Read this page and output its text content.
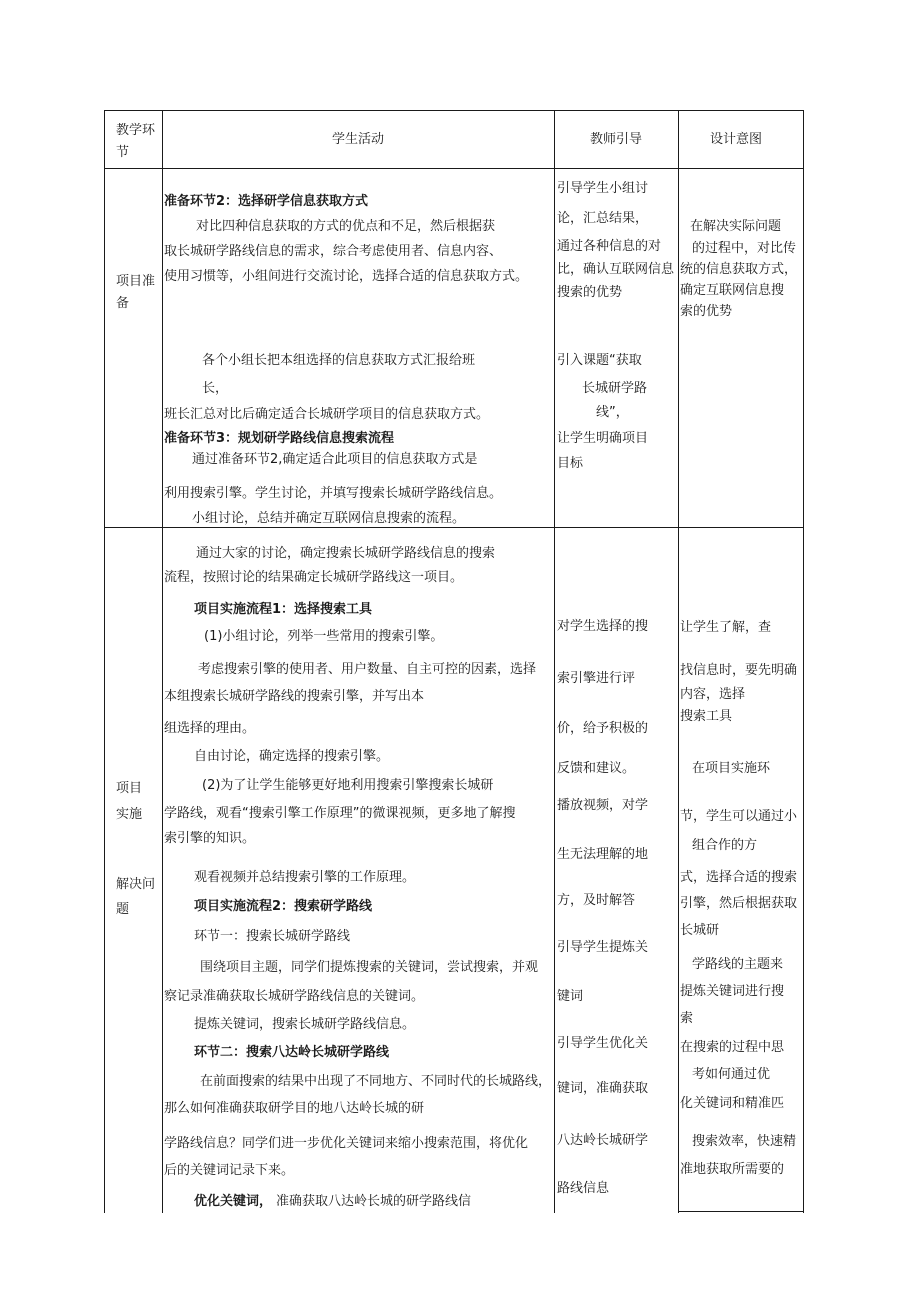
教学环
节
学生活动	教师引导	设计意图
项目准
备
准备环节2：选择研学信息获取方式
对比四种信息获取的方式的优点和不足，然后根据获
取长城研学路线信息的需求，综合考虑使用者、信息内容、
使用习惯等，小组间进行交流讨论，选择合适的信息获取方式。
各个小组长把本组选择的信息获取方式汇报给班
长，
班长汇总对比后确定适合长城研学项目的信息获取方式。
准备环节3：规划研学路线信息搜索流程
通过准备环节2,确定适合此项目的信息获取方式是
利用搜索引擎。学生讨论，并填写搜索长城研学路线信息。
小组讨论，总结并确定互联网信息搜索的流程。
引导学生小组讨
论，汇总结果，
通过各种信息的对
比，确认互联网信息
搜索的优势
引入课题“获取
长城研学路
线”，
让学生明确项目
目标
在解决实际问题
的过程中，对比传
统的信息获取方式，
确定互联网信息搜
索的优势
项目
实施
解决问
题
通过大家的讨论，确定搜索长城研学路线信息的搜索
流程，按照讨论的结果确定长城研学路线这一项目。
项目实施流程1：选择搜索工具
(1)小组讨论，列举一些常用的搜索引擎。
考虑搜索引擎的使用者、用户数量、自主可控的因素，选择
本组搜索长城研学路线的搜索引擎，并写出本
组选择的理由。
自由讨论，确定选择的搜索引擎。
(2)为了让学生能够更好地利用搜索引擎搜索长城研
学路线，观看“搜索引擎工作原理”的微课视频，更多地了解搜
索引擎的知识。
观看视频并总结搜索引擎的工作原理。
项目实施流程2：搜索研学路线
环节一：搜索长城研学路线
围绕项目主题，同学们提炼搜索的关键词，尝试搜索，并观
察记录准确获取长城研学路线信息的关键词。
提炼关键词，搜索长城研学路线信息。
环节二：搜索八达岭长城研学路线
在前面搜索的结果中出现了不同地方、不同时代的长城路线，
那么如何准确获取研学目的地八达岭长城的研
学路线信息？同学们进一步优化关键词来缩小搜索范围，将优化
后的关键词记录下来。
优化关键词， 准确获取八达岭长城的研学路线信
对学生选择的搜
索引擎进行评
价，给予积极的
反馈和建议。
播放视频，对学
生无法理解的地
方，及时解答
引导学生提炼关
键词
引导学生优化关
键词，准确获取
八达岭长城研学
路线信息
让学生了解，查
找信息时，要先明确
内容，选择
搜索工具
在项目实施环
节，学生可以通过小
组合作的方
式，选择合适的搜索
引擎，然后根据获取
长城研
学路线的主题来
提炼关键词进行搜
索
在搜索的过程中思
考如何通过优
化关键词和精准匹
搜索效率，快速精
准地获取所需要的
